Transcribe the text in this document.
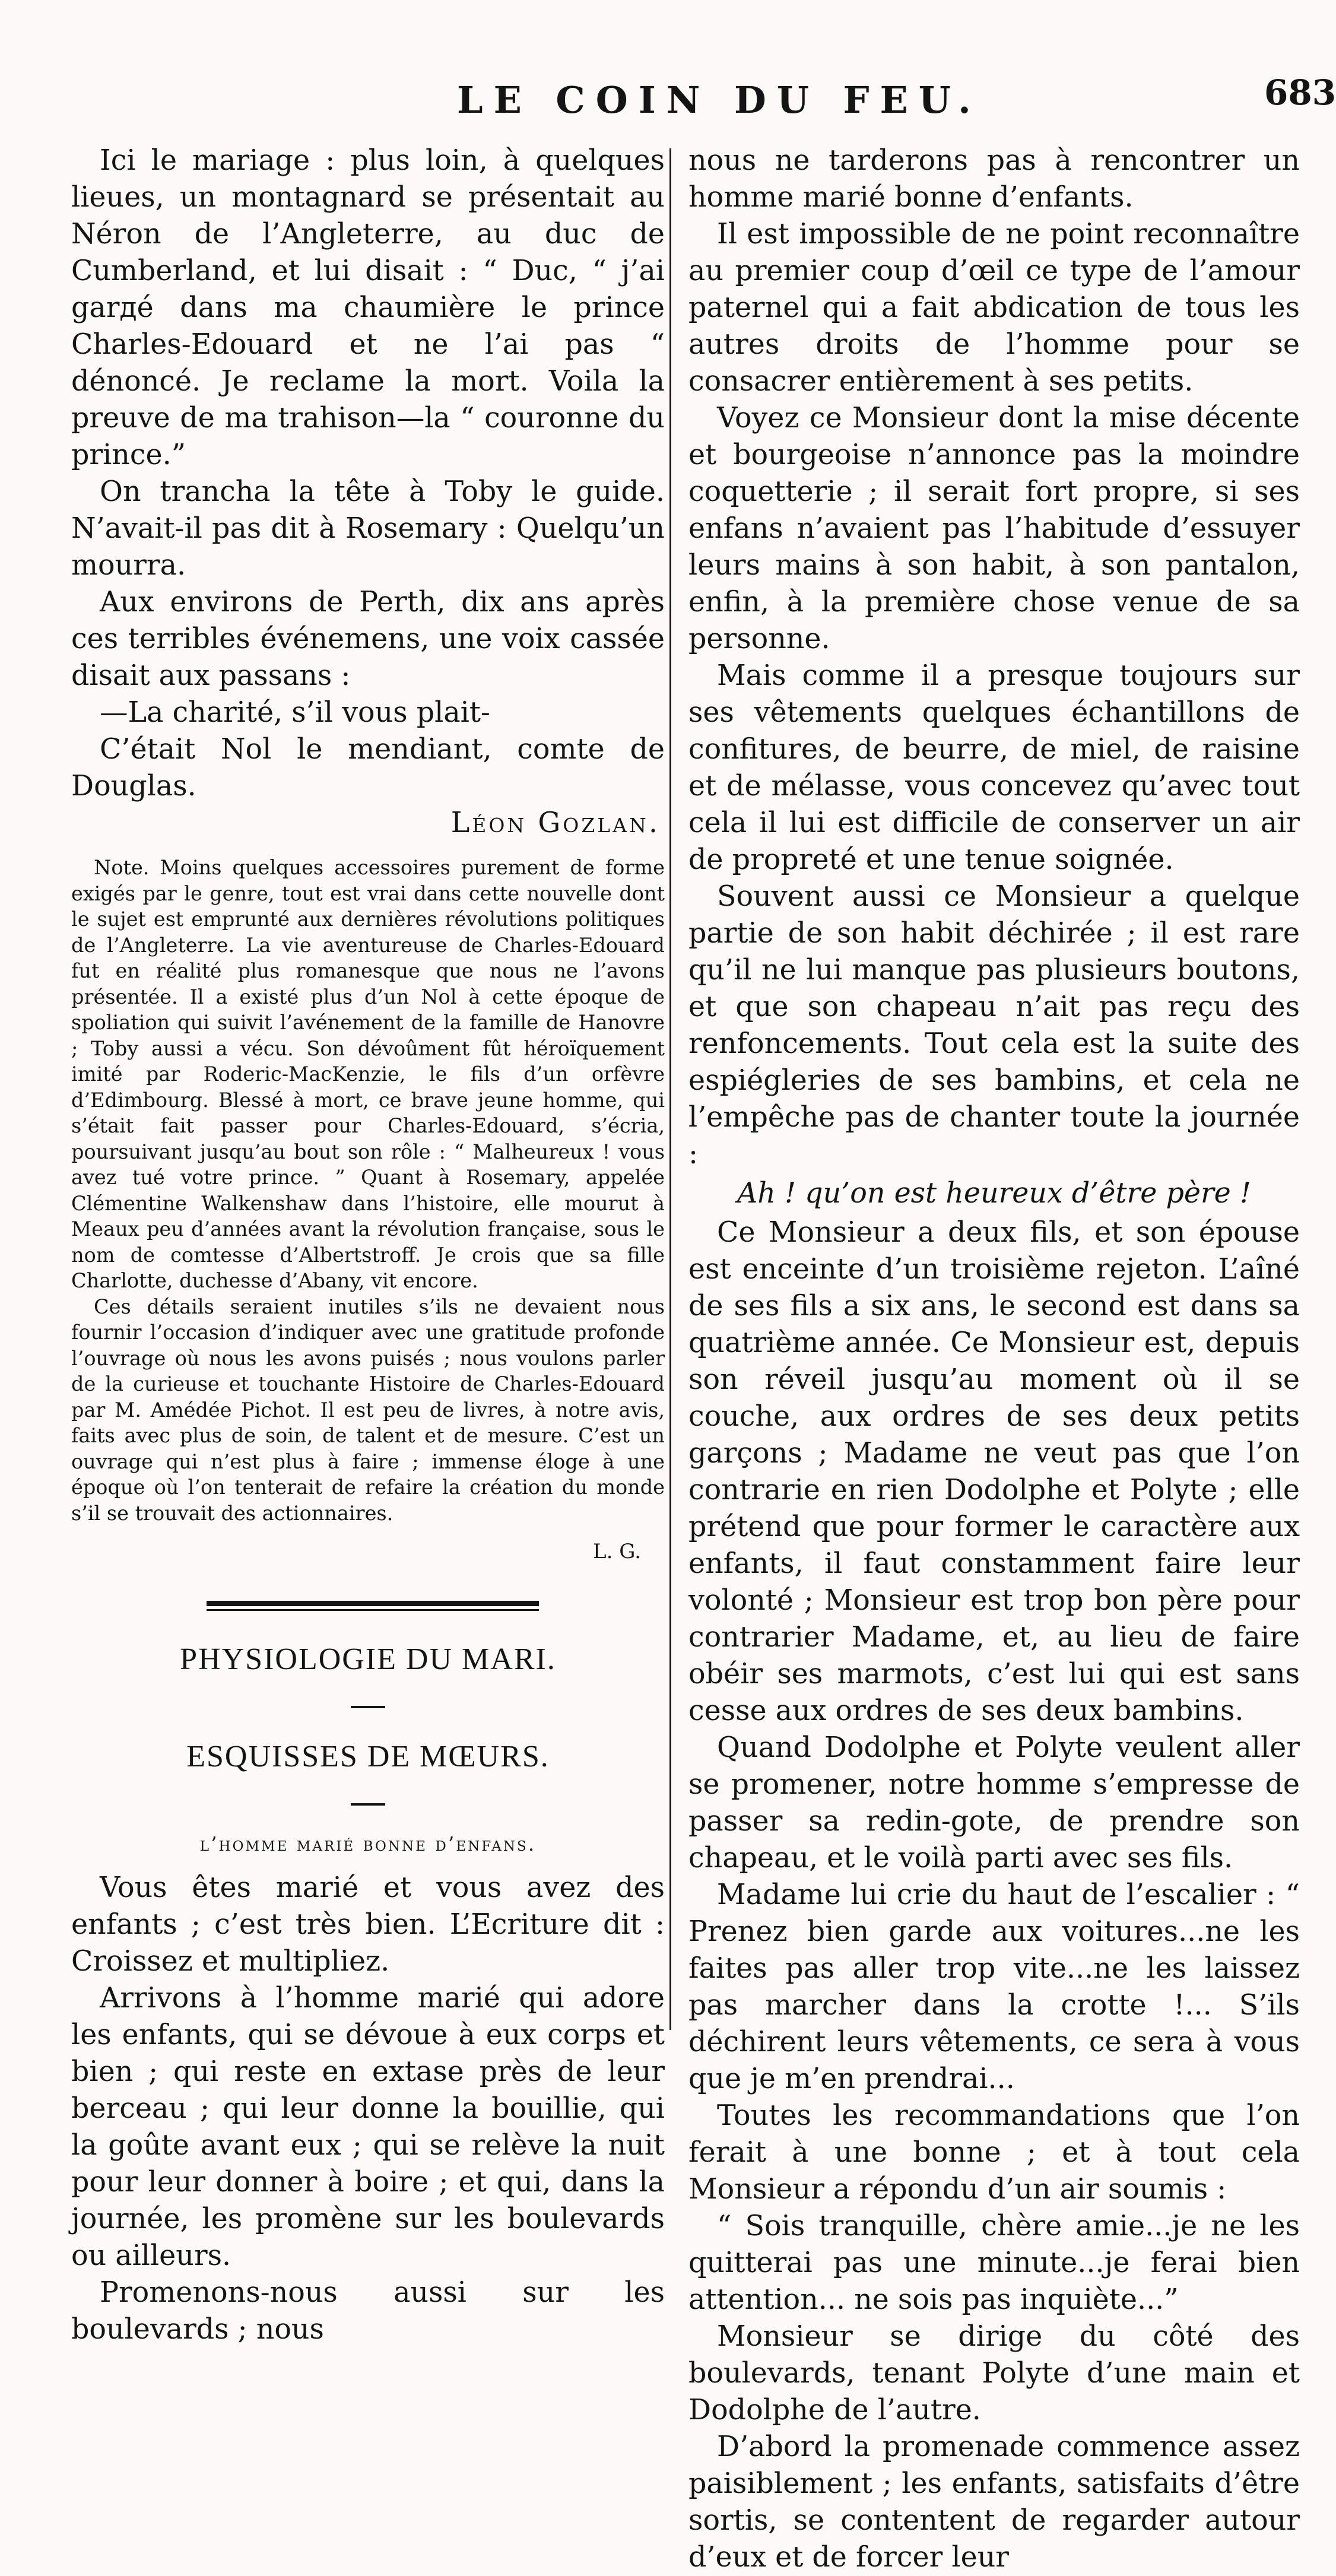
LE COIN DU FEU.	683

Ici le mariage : plus loin, à quelques lieues, un montagnard se présentait au Néron de l’Angleterre, au duc de Cumberland, et lui disait : “ Duc, “ j’ai garдé dans ma chaumière le prince Charles-Edouard et ne l’ai pas “ dénoncé. Je reclame la mort. Voila la preuve de ma trahison—la “ couronne du prince.”

On trancha la tête à Toby le guide. N’avait-il pas dit à Rosemary : Quelqu’un mourra.

Aux environs de Perth, dix ans après ces terribles événemens, une voix cassée disait aux passans :

—La charité, s’il vous plait-

C’était Nol le mendiant, comte de Douglas.

Léon Gozlan.

Note. Moins quelques accessoires purement de forme exigés par le genre, tout est vrai dans cette nouvelle dont le sujet est emprunté aux dernières révolutions politiques de l’Angleterre. La vie aventureuse de Charles-Edouard fut en réalité plus romanesque que nous ne l’avons présentée. Il a existé plus d’un Nol à cette époque de spoliation qui suivit l’avénement de la famille de Hanovre ; Toby aussi a vécu. Son dévoûment fût héroïquement imité par Roderic-MacKenzie, le fils d’un orfèvre d’Edimbourg. Blessé à mort, ce brave jeune homme, qui s’était fait passer pour Charles-Edouard, s’écria, poursuivant jusqu’au bout son rôle : “ Malheureux ! vous avez tué votre prince. ” Quant à Rosemary, appelée Clémentine Walkenshaw dans l’histoire, elle mourut à Meaux peu d’années avant la révolution française, sous le nom de comtesse d’Albertstroff. Je crois que sa fille Charlotte, duchesse d’Abany, vit encore.

Ces détails seraient inutiles s’ils ne devaient nous fournir l’occasion d’indiquer avec une gratitude profonde l’ouvrage où nous les avons puisés ; nous voulons parler de la curieuse et touchante Histoire de Charles-Edouard par M. Amédée Pichot. Il est peu de livres, à notre avis, faits avec plus de soin, de talent et de mesure. C’est un ouvrage qui n’est plus à faire ; immense éloge à une époque où l’on tenterait de refaire la création du monde s’il se trouvait des actionnaires.

L. G.

PHYSIOLOGIE DU MARI.
ESQUISSES DE MŒURS.
l’homme marié bonne d’enfans.

Vous êtes marié et vous avez des enfants ; c’est très bien. L’Ecriture dit : Croissez et multipliez.

Arrivons à l’homme marié qui adore les enfants, qui se dévoue à eux corps et bien ; qui reste en extase près de leur berceau ; qui leur donne la bouillie, qui la goûte avant eux ; qui se relève la nuit pour leur donner à boire ; et qui, dans la journée, les promène sur les boulevards ou ailleurs.

Promenons-nous aussi sur les boulevards ; nous

nous ne tarderons pas à rencontrer un homme marié bonne d’enfants.

Il est impossible de ne point reconnaître au premier coup d’œil ce type de l’amour paternel qui a fait abdication de tous les autres droits de l’homme pour se consacrer entièrement à ses petits.

Voyez ce Monsieur dont la mise décente et bourgeoise n’annonce pas la moindre coquetterie ; il serait fort propre, si ses enfans n’avaient pas l’habitude d’essuyer leurs mains à son habit, à son pantalon, enfin, à la première chose venue de sa personne.

Mais comme il a presque toujours sur ses vêtements quelques échantillons de confitures, de beurre, de miel, de raisine et de mélasse, vous concevez qu’avec tout cela il lui est difficile de conserver un air de propreté et une tenue soignée.

Souvent aussi ce Monsieur a quelque partie de son habit déchirée ; il est rare qu’il ne lui manque pas plusieurs boutons, et que son chapeau n’ait pas reçu des renfoncements. Tout cela est la suite des espiégleries de ses bambins, et cela ne l’empêche pas de chanter toute la journée :

Ah ! qu’on est heureux d’être père !

Ce Monsieur a deux fils, et son épouse est enceinte d’un troisième rejeton. L’aîné de ses fils a six ans, le second est dans sa quatrième année. Ce Monsieur est, depuis son réveil jusqu’au moment où il se couche, aux ordres de ses deux petits garçons ; Madame ne veut pas que l’on contrarie en rien Dodolphe et Polyte ; elle prétend que pour former le caractère aux enfants, il faut constamment faire leur volonté ; Monsieur est trop bon père pour contrarier Madame, et, au lieu de faire obéir ses marmots, c’est lui qui est sans cesse aux ordres de ses deux bambins.

Quand Dodolphe et Polyte veulent aller se promener, notre homme s’empresse de passer sa redin-gote, de prendre son chapeau, et le voilà parti avec ses fils.

Madame lui crie du haut de l’escalier : “ Prenez bien garde aux voitures...ne les faites pas aller trop vite...ne les laissez pas marcher dans la crotte !... S’ils déchirent leurs vêtements, ce sera à vous que je m’en prendrai...

Toutes les recommandations que l’on ferait à une bonne ; et à tout cela Monsieur a répondu d’un air soumis :

“ Sois tranquille, chère amie...je ne les quitterai pas une minute...je ferai bien attention... ne sois pas inquiète...”

Monsieur se dirige du côté des boulevards, tenant Polyte d’une main et Dodolphe de l’autre.

D’abord la promenade commence assez paisiblement ; les enfants, satisfaits d’être sortis, se contentent de regarder autour d’eux et de forcer leur
